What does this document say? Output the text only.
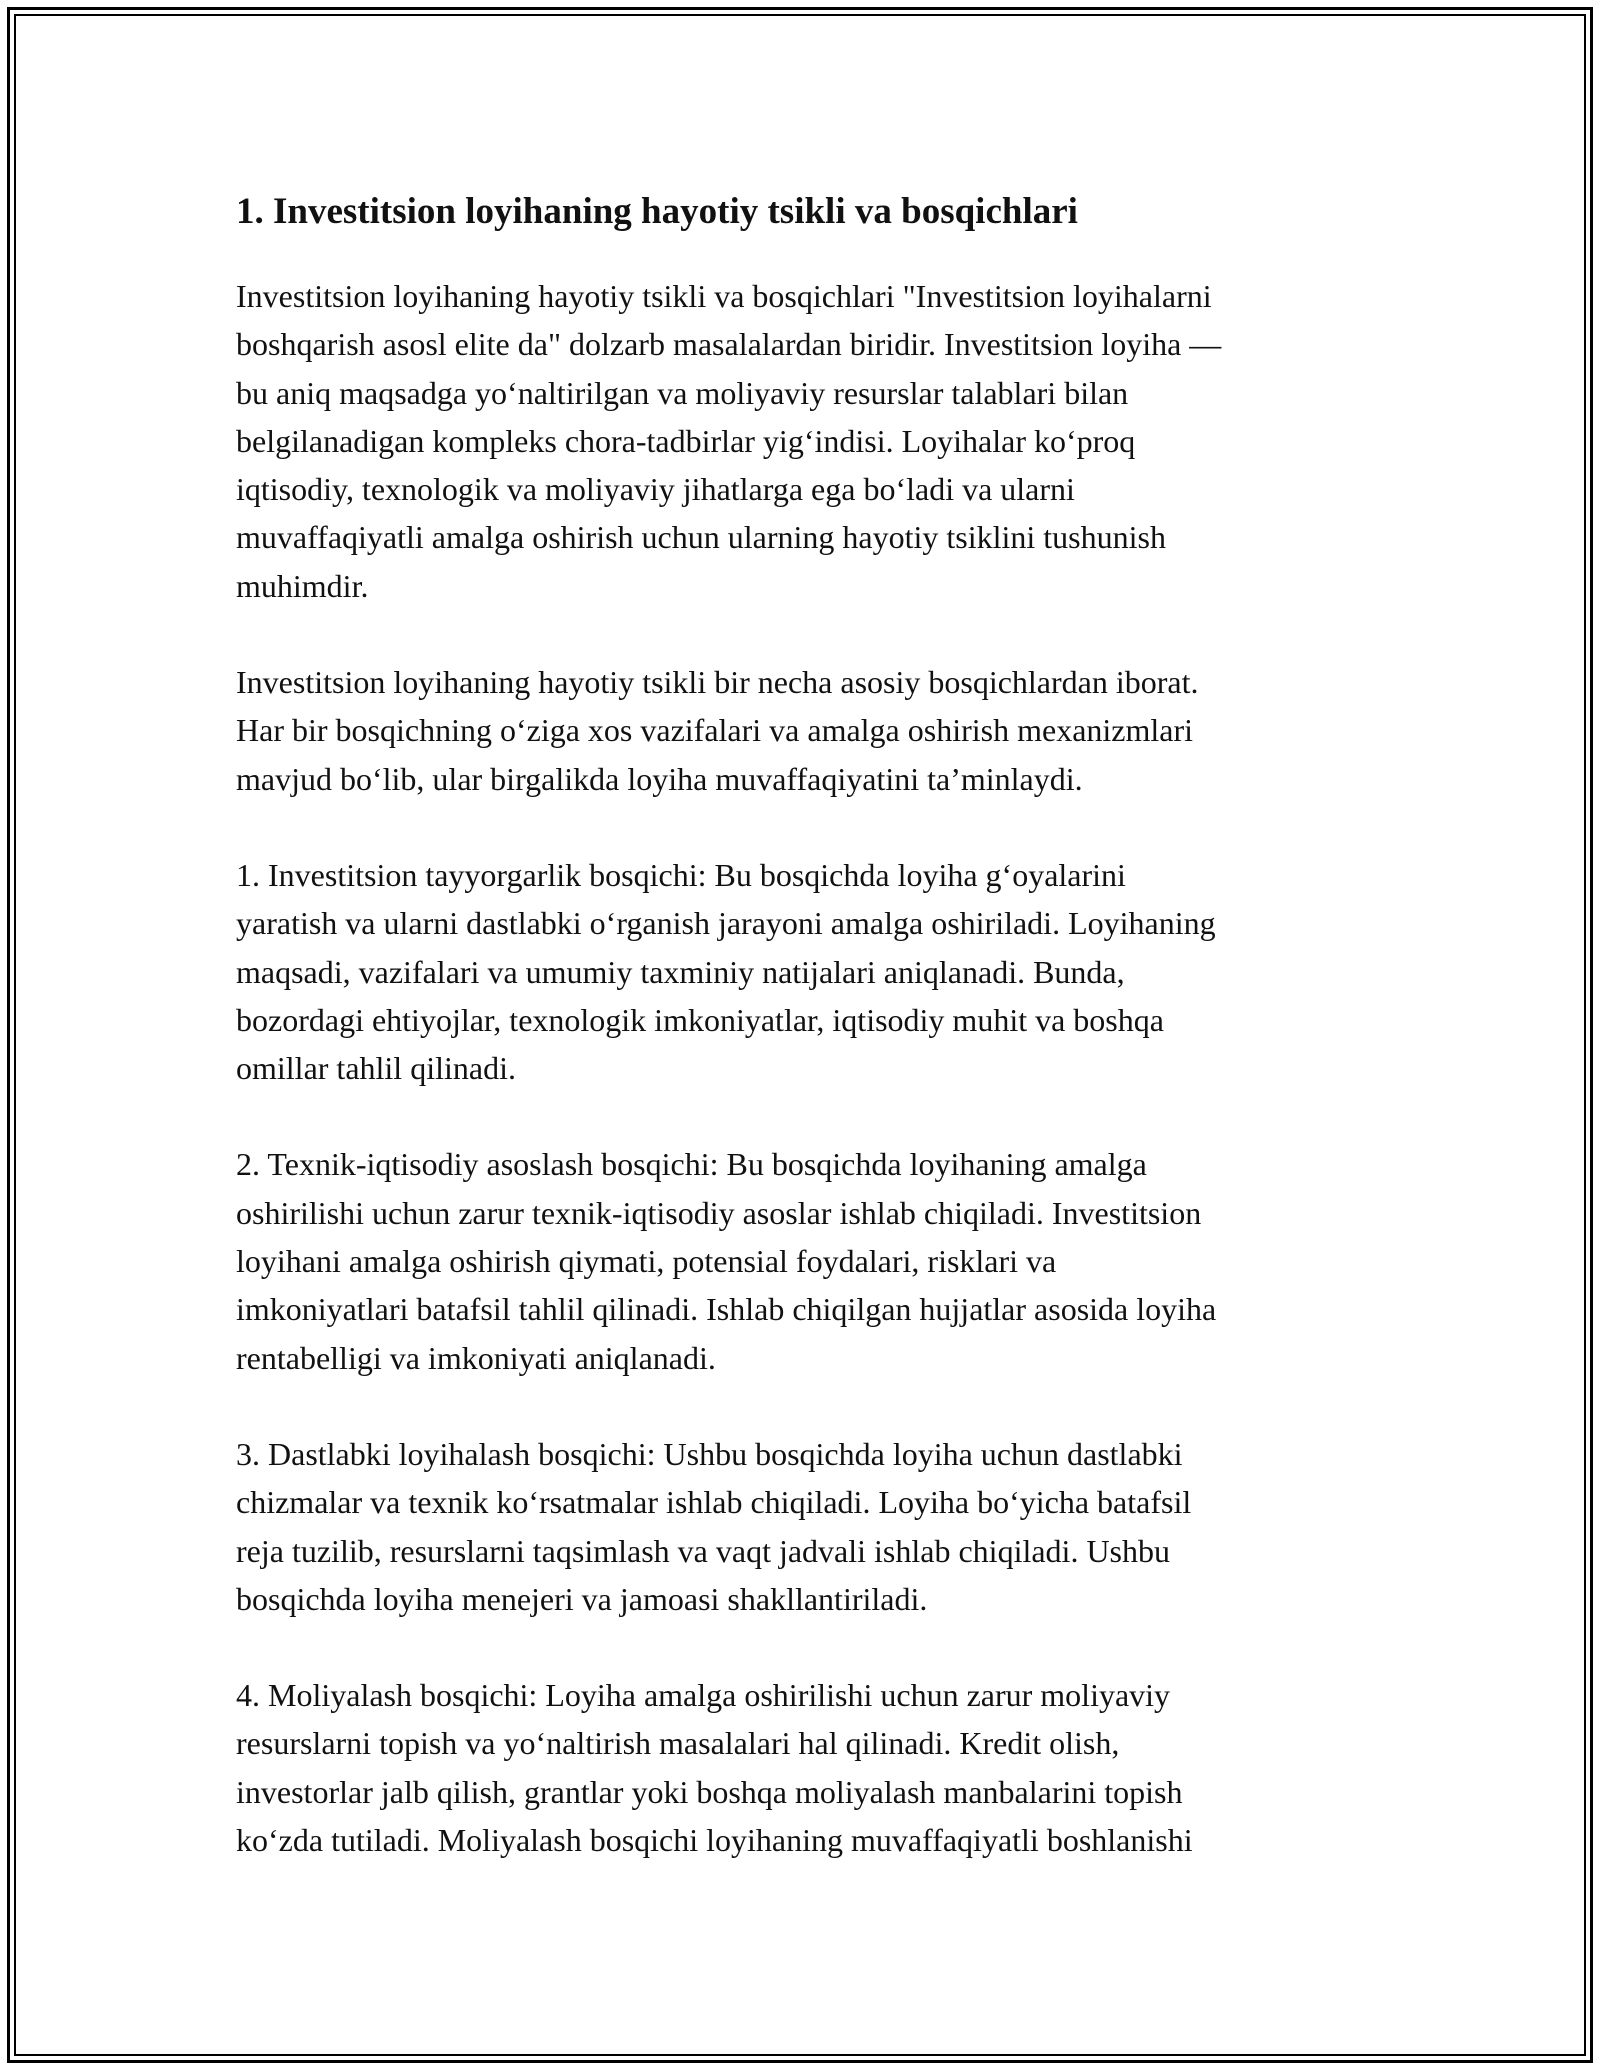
1. Investitsion loyihaning hayotiy tsikli va bosqichlari

Investitsion loyihaning hayotiy tsikli va bosqichlari "Investitsion loyihalarni
boshqarish asosl elite da" dolzarb masalalardan biridir. Investitsion loyiha —
bu aniq maqsadga yoʻnaltirilgan va moliyaviy resurslar talablari bilan
belgilanadigan kompleks chora-tadbirlar yigʻindisi. Loyihalar koʻproq
iqtisodiy, texnologik va moliyaviy jihatlarga ega boʻladi va ularni
muvaffaqiyatli amalga oshirish uchun ularning hayotiy tsiklini tushunish
muhimdir.

Investitsion loyihaning hayotiy tsikli bir necha asosiy bosqichlardan iborat.
Har bir bosqichning oʻziga xos vazifalari va amalga oshirish mexanizmlari
mavjud boʻlib, ular birgalikda loyiha muvaffaqiyatini taʼminlaydi.

1. Investitsion tayyorgarlik bosqichi: Bu bosqichda loyiha gʻoyalarini
yaratish va ularni dastlabki oʻrganish jarayoni amalga oshiriladi. Loyihaning
maqsadi, vazifalari va umumiy taxminiy natijalari aniqlanadi. Bunda,
bozordagi ehtiyojlar, texnologik imkoniyatlar, iqtisodiy muhit va boshqa
omillar tahlil qilinadi.

2. Texnik-iqtisodiy asoslash bosqichi: Bu bosqichda loyihaning amalga
oshirilishi uchun zarur texnik-iqtisodiy asoslar ishlab chiqiladi. Investitsion
loyihani amalga oshirish qiymati, potensial foydalari, risklari va
imkoniyatlari batafsil tahlil qilinadi. Ishlab chiqilgan hujjatlar asosida loyiha
rentabelligi va imkoniyati aniqlanadi.

3. Dastlabki loyihalash bosqichi: Ushbu bosqichda loyiha uchun dastlabki
chizmalar va texnik koʻrsatmalar ishlab chiqiladi. Loyiha boʻyicha batafsil
reja tuzilib, resurslarni taqsimlash va vaqt jadvali ishlab chiqiladi. Ushbu
bosqichda loyiha menejeri va jamoasi shakllantiriladi.

4. Moliyalash bosqichi: Loyiha amalga oshirilishi uchun zarur moliyaviy
resurslarni topish va yoʻnaltirish masalalari hal qilinadi. Kredit olish,
investorlar jalb qilish, grantlar yoki boshqa moliyalash manbalarini topish
koʻzda tutiladi. Moliyalash bosqichi loyihaning muvaffaqiyatli boshlanishi
